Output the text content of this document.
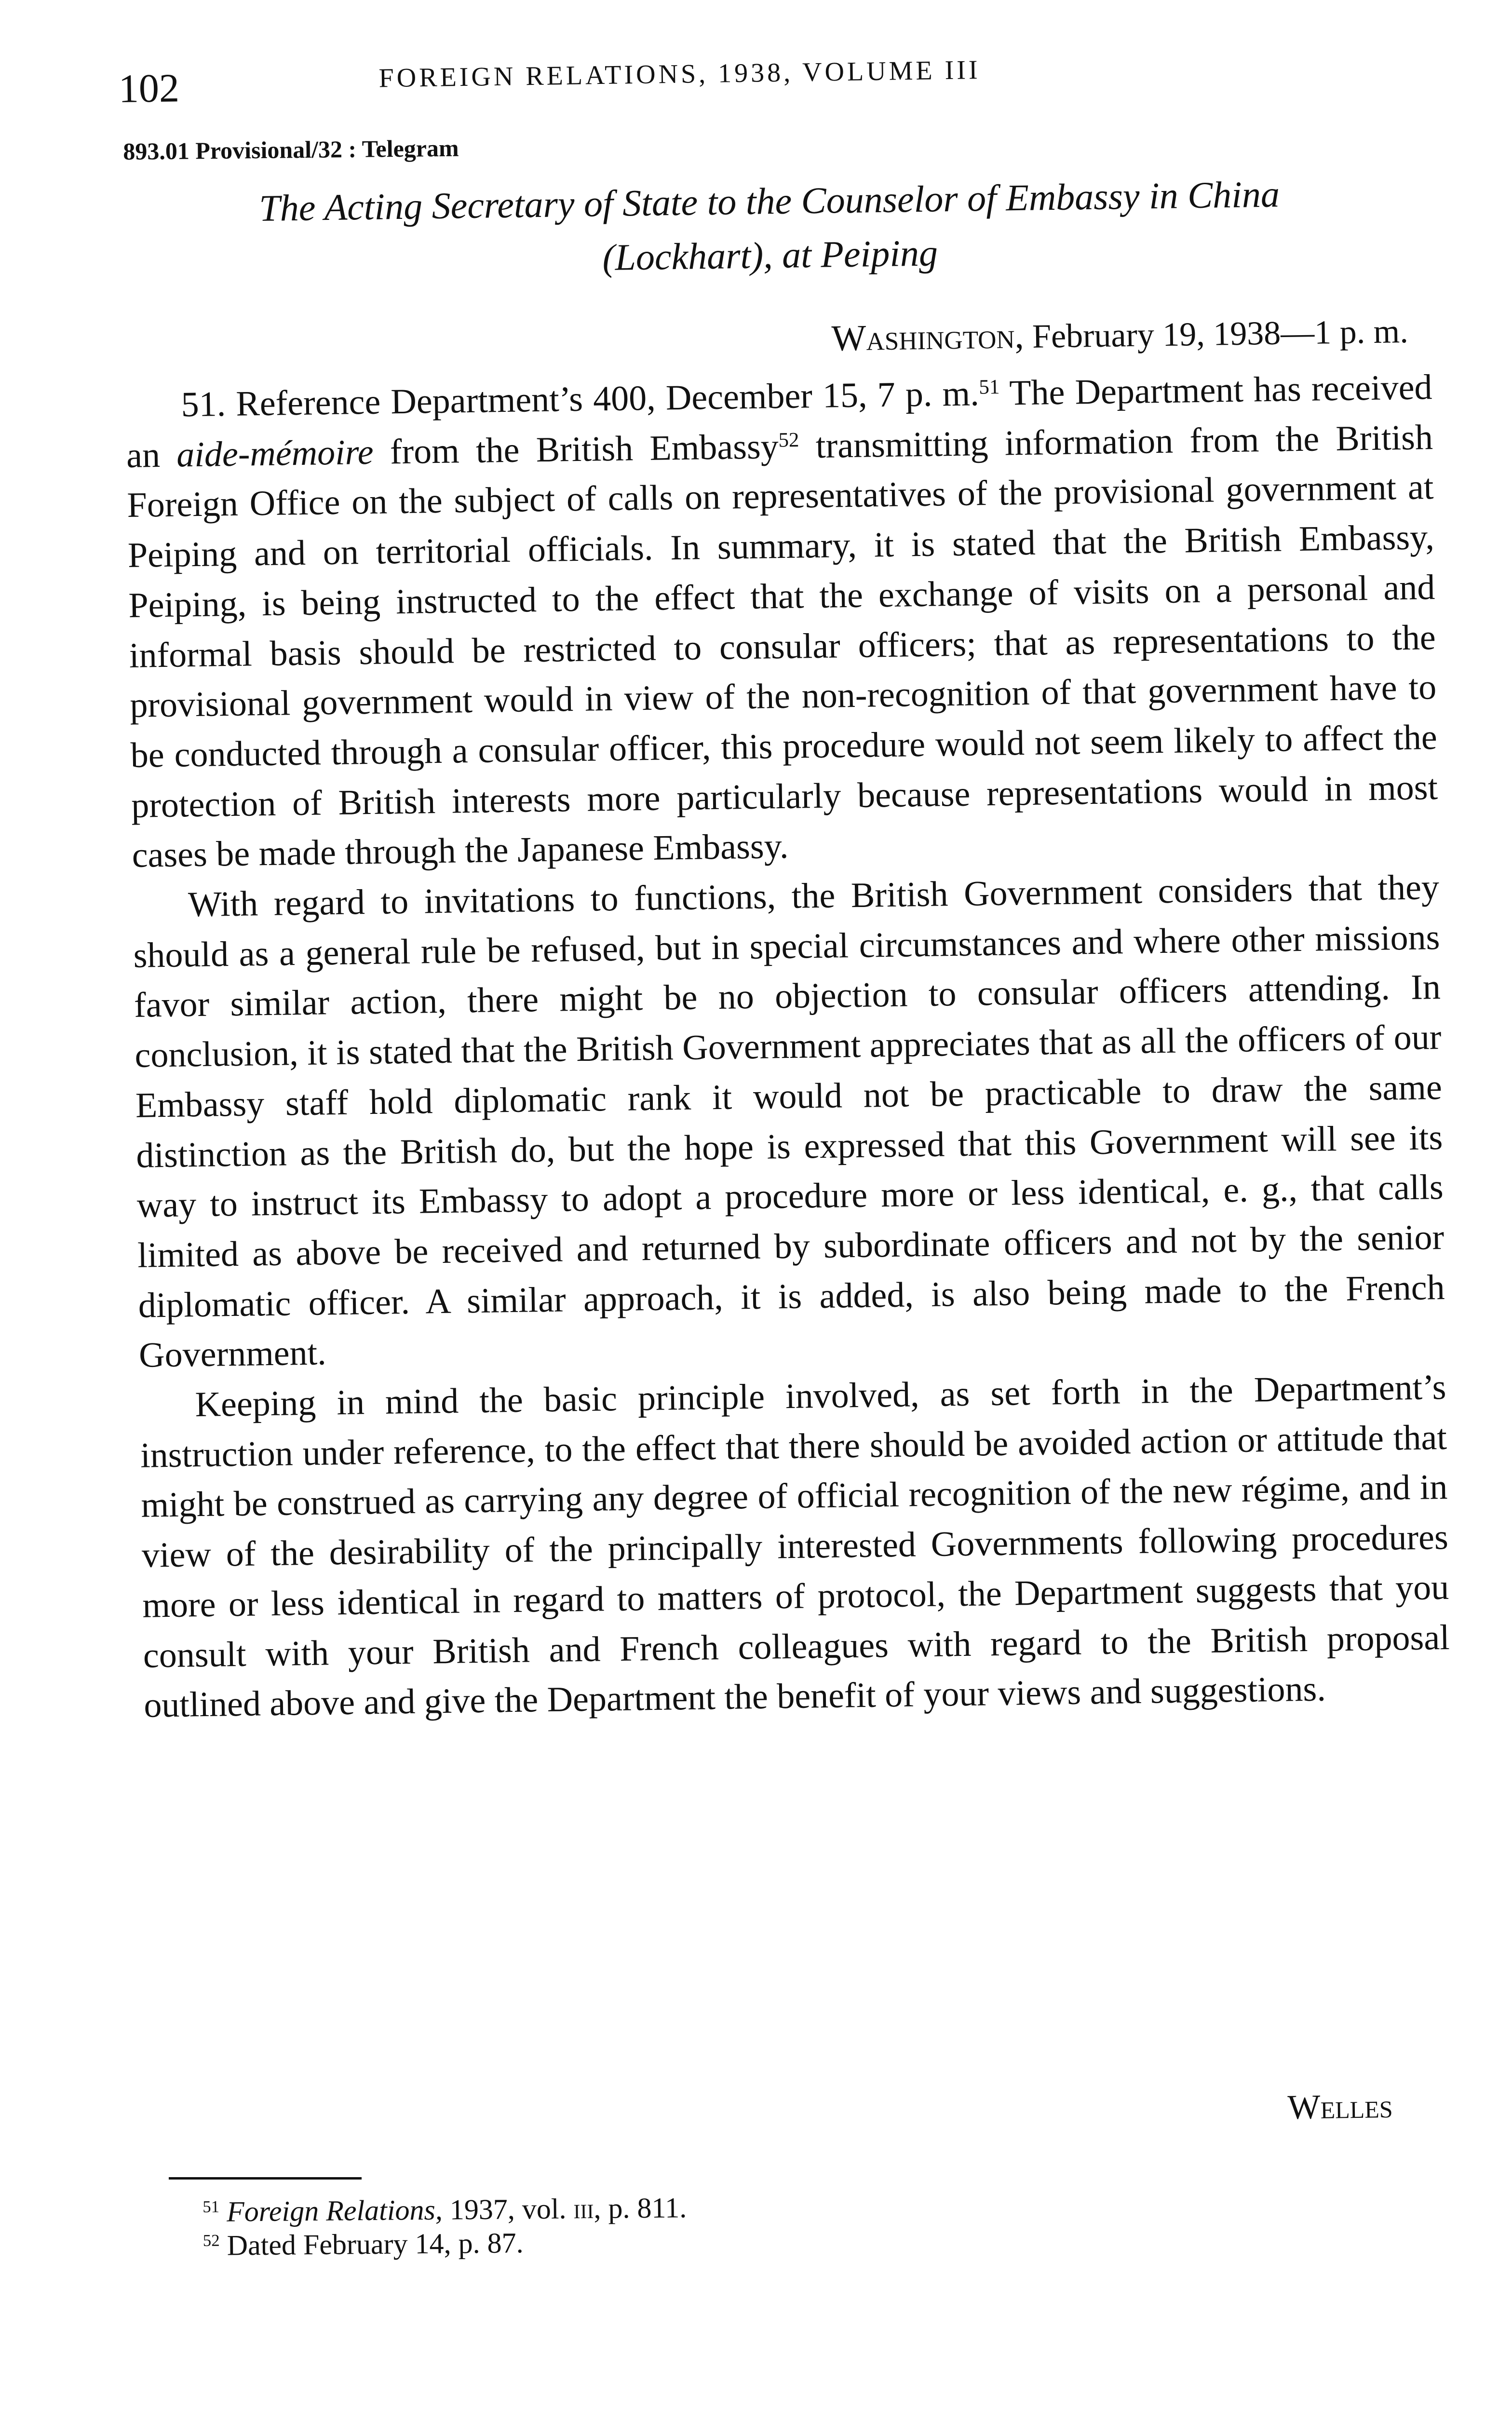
102	FOREIGN RELATIONS, 1938, VOLUME III
893.01 Provisional/32 : Telegram
The Acting Secretary of State to the Counselor of Embassy in China
(Lockhart), at Peiping
Washington, February 19, 1938—1 p. m.

51. Reference Department’s 400, December 15, 7 p. m.$^{51}$ The Department has received an aide-mémoire from the British Embassy$^{52}$ transmitting information from the British Foreign Office on the subject of calls on representatives of the provisional government at Peiping and on territorial officials. In summary, it is stated that the British Embassy, Peiping, is being instructed to the effect that the exchange of visits on a personal and informal basis should be restricted to consular officers; that as representations to the provisional government would in view of the non-recognition of that government have to be conducted through a consular officer, this procedure would not seem likely to affect the protection of British interests more particularly because representations would in most cases be made through the Japanese Embassy.

With regard to invitations to functions, the British Government considers that they should as a general rule be refused, but in special circumstances and where other missions favor similar action, there might be no objection to consular officers attending. In conclusion, it is stated that the British Government appreciates that as all the officers of our Embassy staff hold diplomatic rank it would not be practicable to draw the same distinction as the British do, but the hope is expressed that this Government will see its way to instruct its Embassy to adopt a procedure more or less identical, e. g., that calls limited as above be received and returned by subordinate officers and not by the senior diplomatic officer. A similar approach, it is added, is also being made to the French Government.

Keeping in mind the basic principle involved, as set forth in the Department’s instruction under reference, to the effect that there should be avoided action or attitude that might be construed as carrying any degree of official recognition of the new régime, and in view of the desirability of the principally interested Governments following procedures more or less identical in regard to matters of protocol, the Department suggests that you consult with your British and French colleagues with regard to the British proposal outlined above and give the Department the benefit of your views and suggestions.

Welles
$^{51}$ Foreign Relations, 1937, vol. iii, p. 811.
$^{52}$ Dated February 14, p. 87.
